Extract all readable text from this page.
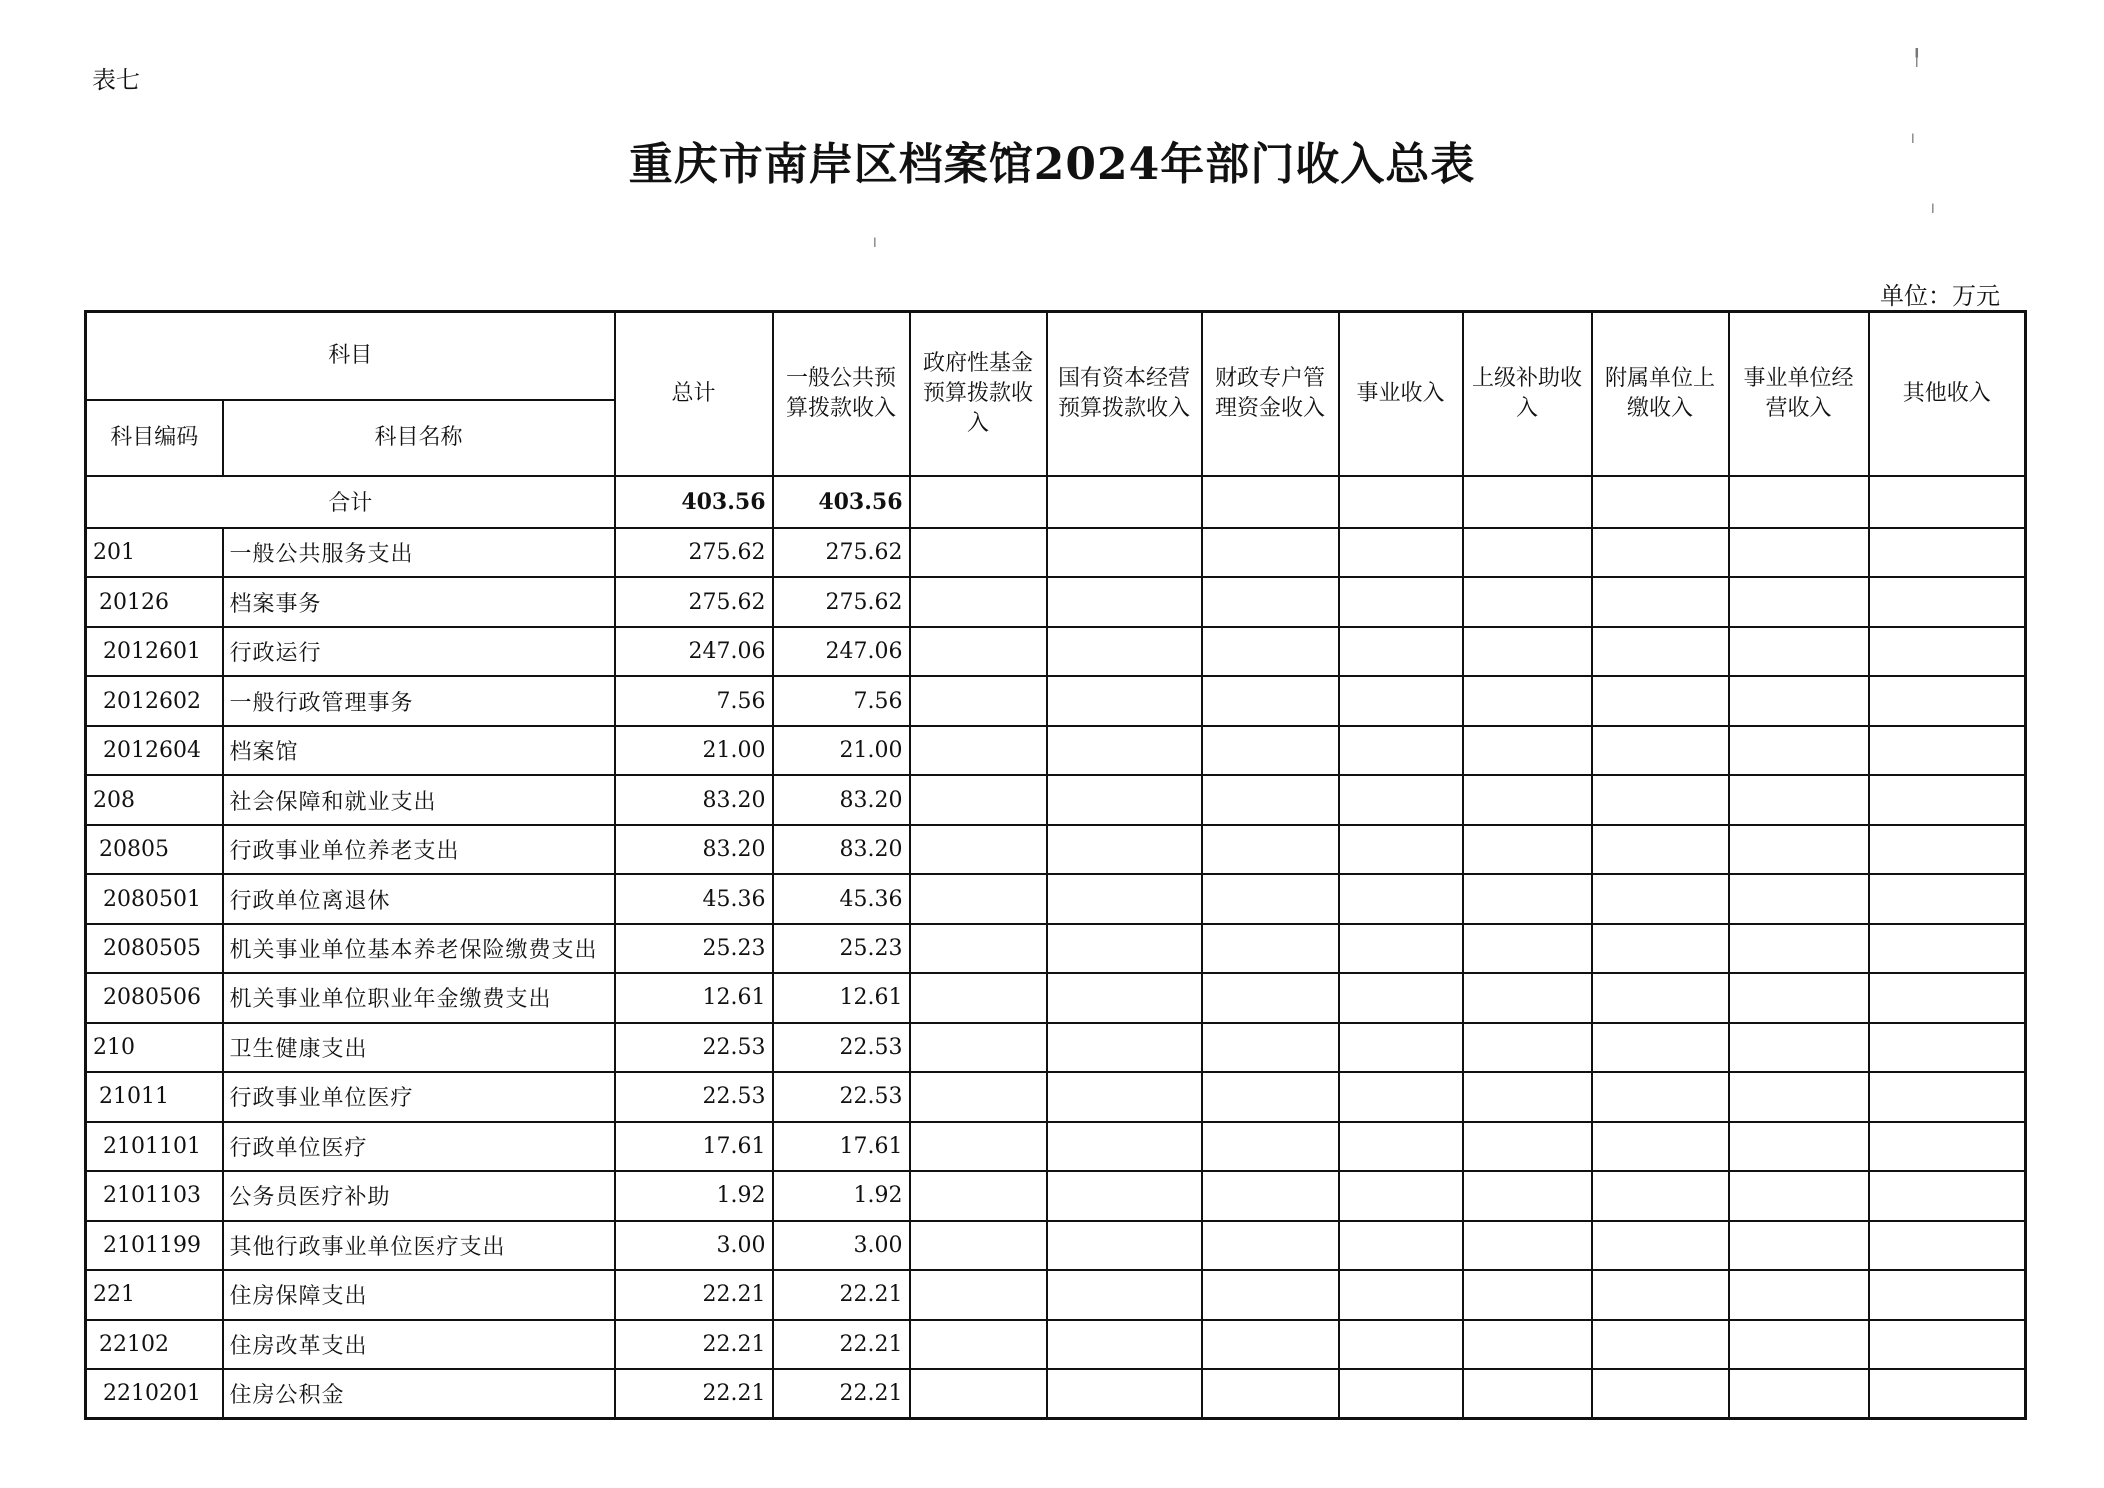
表七
重庆市南岸区档案馆2024年部门收入总表
单位：万元
╿
╷
╷
╷
科目		总计	一般公共预算拨款收入	政府性基金预算拨款收入	国有资本经营预算拨款收入	财政专户管理资金收入	事业收入	上级补助收入	附属单位上缴收入	事业单位经营收入	其他收入
科目编码	科目名称										
合计		403.56	403.56								
201	一般公共服务支出	275.62	275.62								
20126	档案事务	275.62	275.62								
2012601	行政运行	247.06	247.06								
2012602	一般行政管理事务	7.56	7.56								
2012604	档案馆	21.00	21.00								
208	社会保障和就业支出	83.20	83.20								
20805	行政事业单位养老支出	83.20	83.20								
2080501	行政单位离退休	45.36	45.36								
2080505	机关事业单位基本养老保险缴费支出	25.23	25.23								
2080506	机关事业单位职业年金缴费支出	12.61	12.61								
210	卫生健康支出	22.53	22.53								
21011	行政事业单位医疗	22.53	22.53								
2101101	行政单位医疗	17.61	17.61								
2101103	公务员医疗补助	1.92	1.92								
2101199	其他行政事业单位医疗支出	3.00	3.00								
221	住房保障支出	22.21	22.21								
22102	住房改革支出	22.21	22.21								
2210201	住房公积金	22.21	22.21								
